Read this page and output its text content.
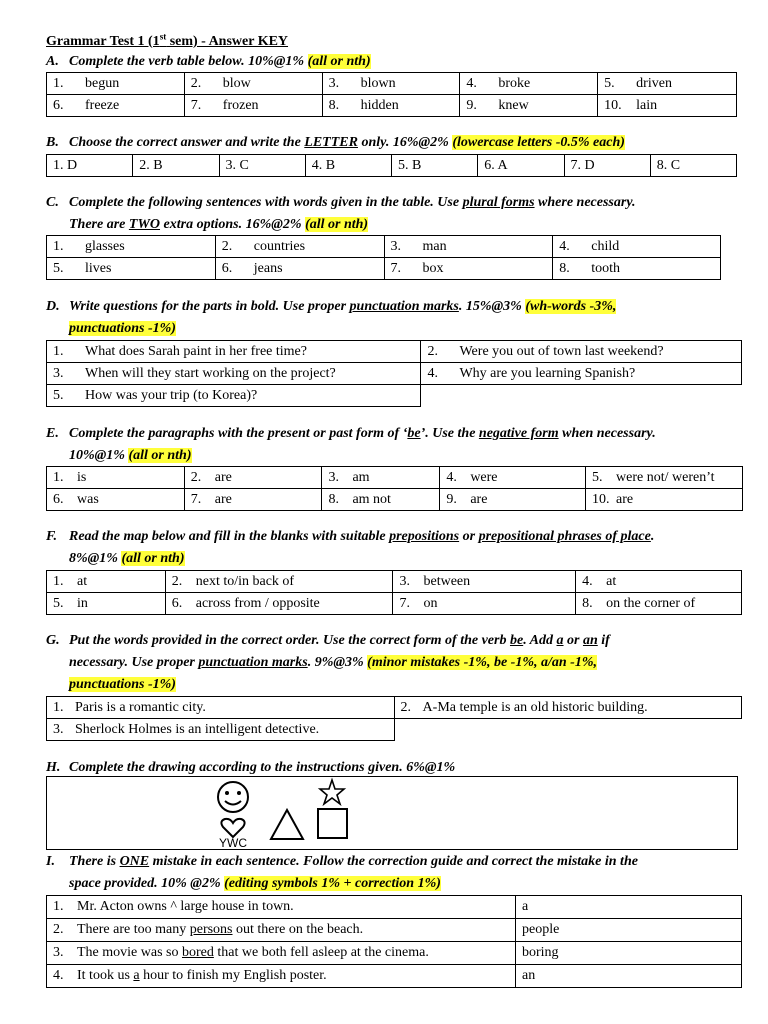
Grammar Test 1 (1st sem) - Answer KEY
A. Complete the verb table below. 10%@1% (all or nth)
1. begun	2. blow	3. blown	4. broke	5. driven
6. freeze	7. frozen	8. hidden	9. knew	10. lain
B. Choose the correct answer and write the LETTER only. 16%@2% (lowercase letters -0.5% each)
1. D	2. B	3. C	4. B	5. B	6. A	7. D	8. C
C. Complete the following sentences with words given in the table. Use plural forms where necessary.
There are TWO extra options. 16%@2% (all or nth)
1. glasses	2. countries	3. man	4. child
5. lives	6. jeans	7. box	8. tooth
D. Write questions for the parts in bold. Use proper punctuation marks. 15%@3% (wh-words -3%,
punctuations -1%)
1. What does Sarah paint in her free time?	2. Were you out of town last weekend?
3. When will they start working on the project?	4. Why are you learning Spanish?
5. How was your trip (to Korea)?	
E. Complete the paragraphs with the present or past form of ‘be’. Use the negative form when necessary.
10%@1% (all or nth)
1. is	2. are	3. am	4. were	5. were not/ weren’t
6. was	7. are	8. am not	9. are	10. are
F. Read the map below and fill in the blanks with suitable prepositions or prepositional phrases of place.
8%@1% (all or nth)
1. at	2. next to/in back of	3. between	4. at
5. in	6. across from / opposite	7. on	8. on the corner of
G. Put the words provided in the correct order. Use the correct form of the verb be. Add a or an if
necessary. Use proper punctuation marks. 9%@3% (minor mistakes -1%, be -1%, a/an -1%,
punctuations -1%)
1. Paris is a romantic city.	2. A-Ma temple is an old historic building.
3. Sherlock Holmes is an intelligent detective.	
H. Complete the drawing according to the instructions given. 6%@1%
YWC
I. There is ONE mistake in each sentence. Follow the correction guide and correct the mistake in the
space provided. 10% @2% (editing symbols 1% + correction 1%)
1. Mr. Acton owns ^ large house in town.	a
2. There are too many persons out there on the beach.	people
3. The movie was so bored that we both fell asleep at the cinema.	boring
4. It took us a hour to finish my English poster.	an
